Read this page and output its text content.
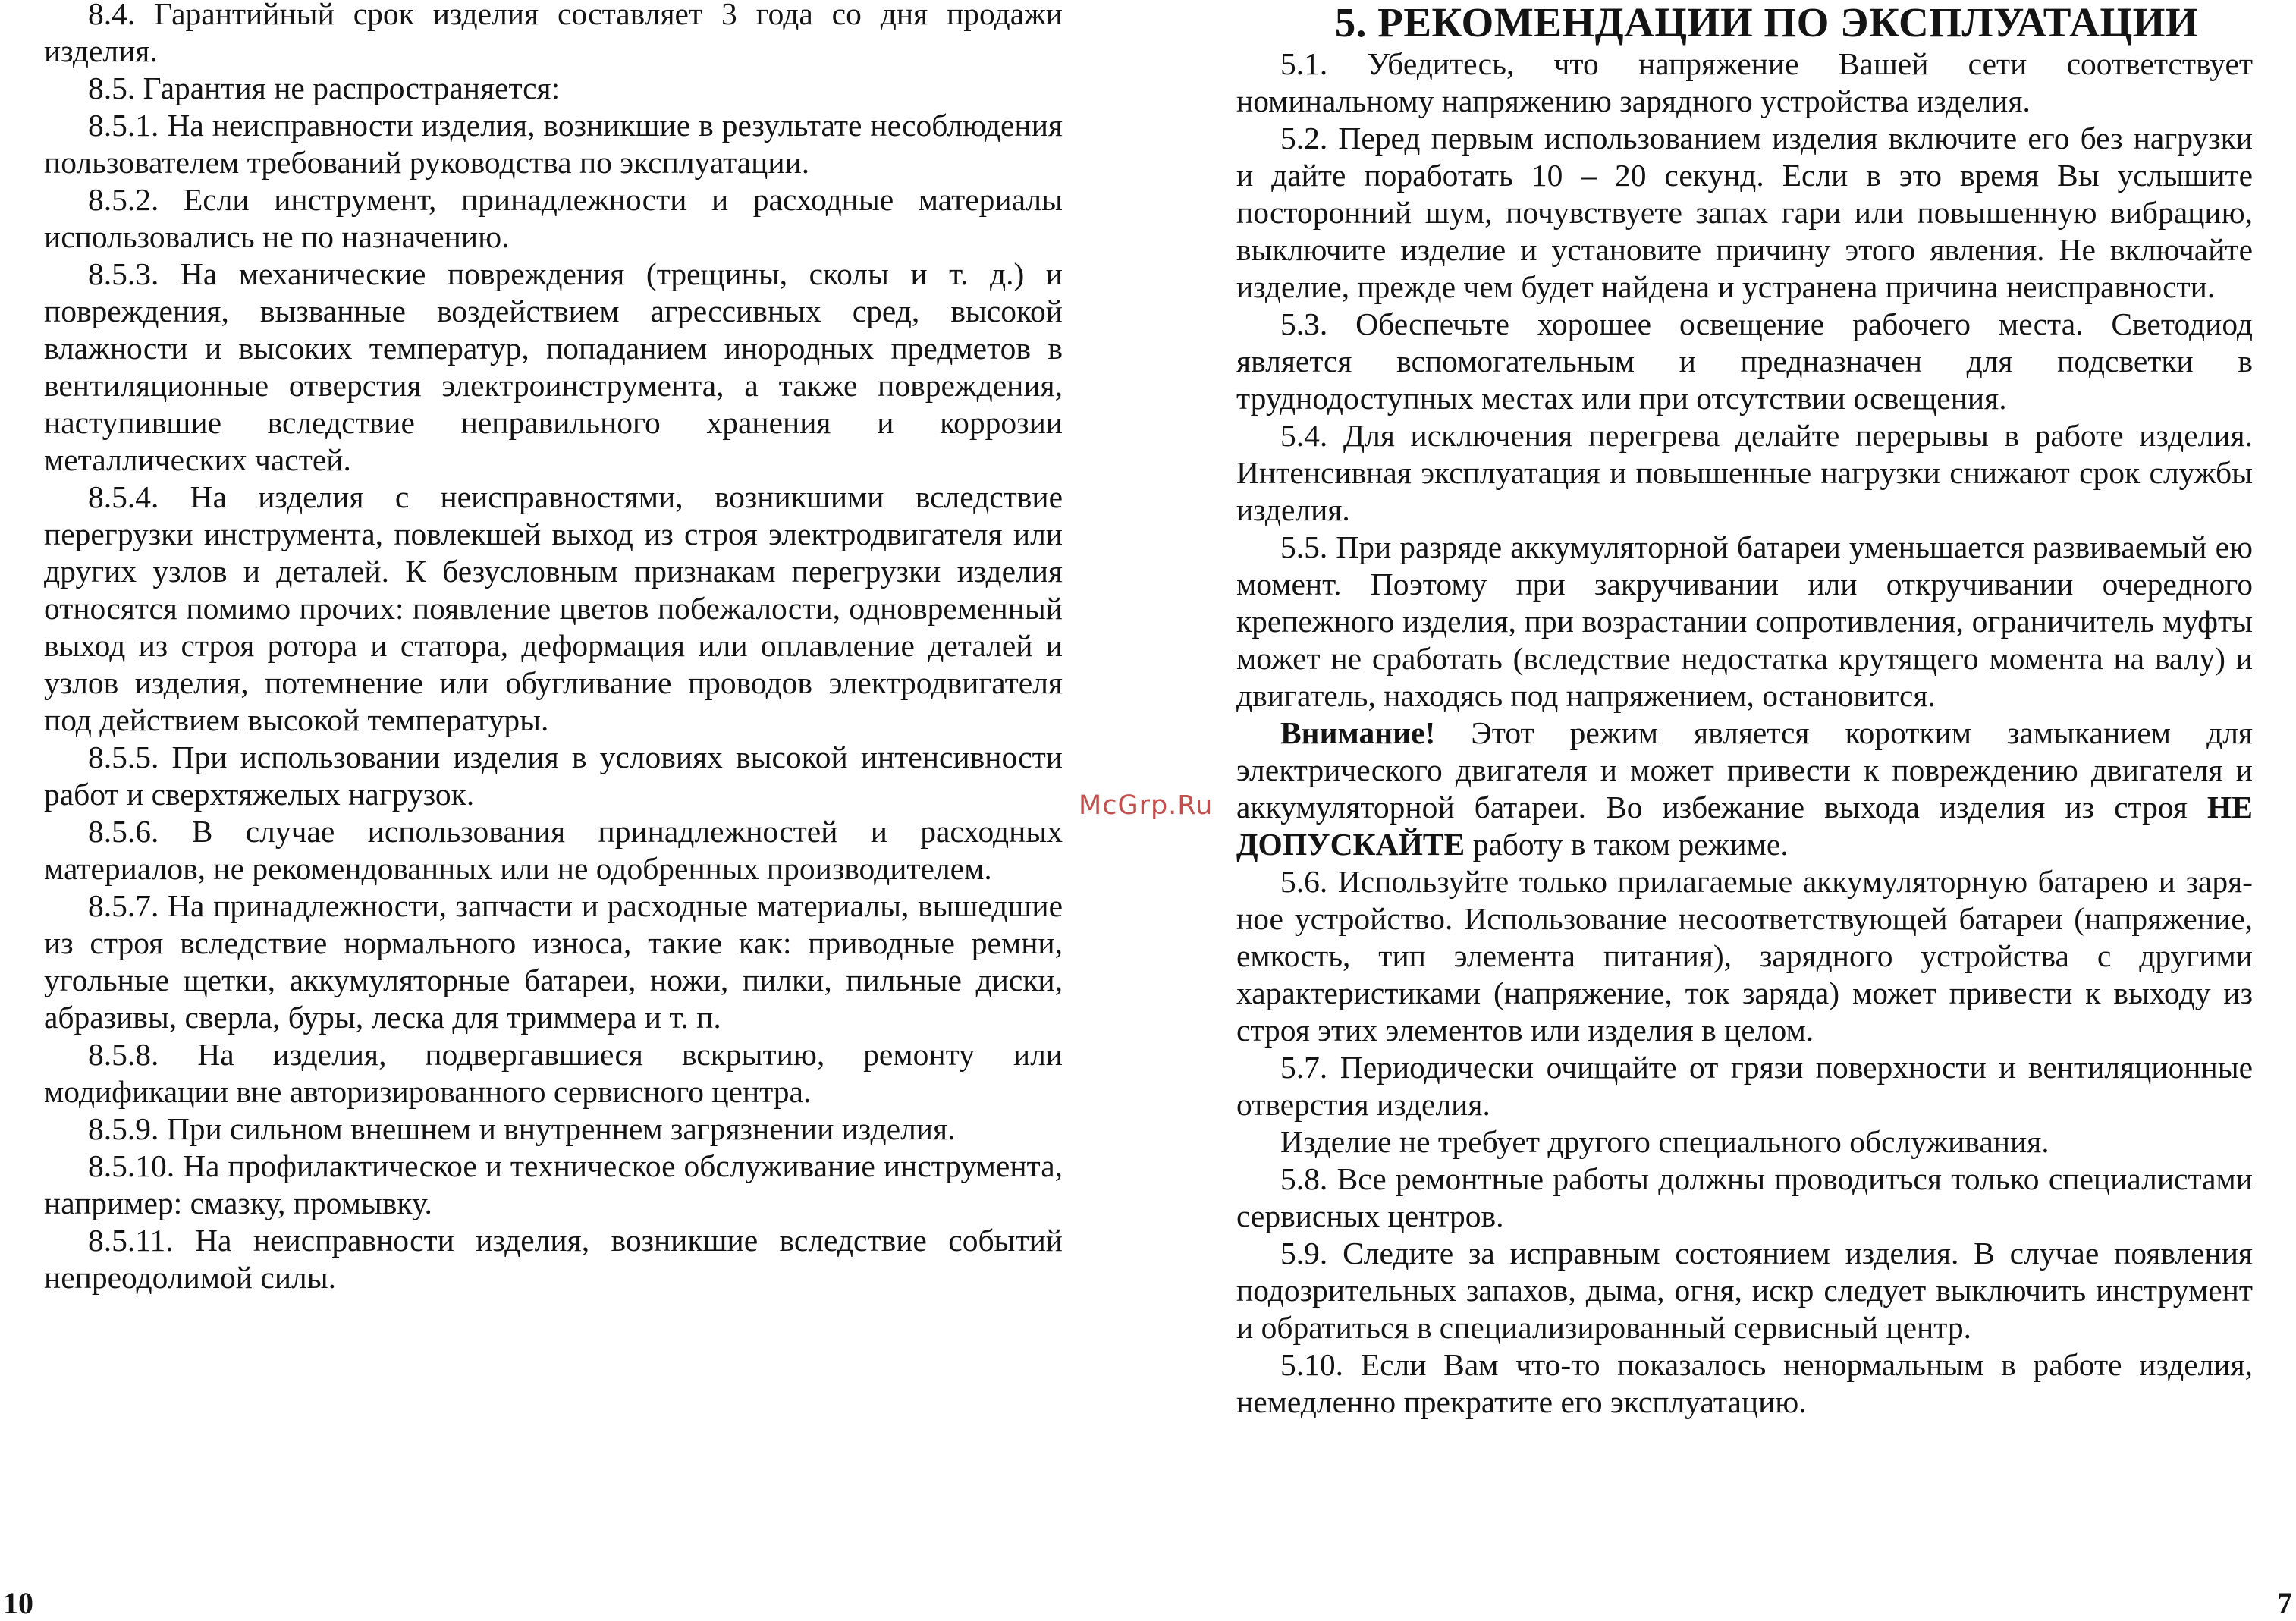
8.4. Гарантийный срок изделия составляет 3 года со дня продажи изделия.

8.5. Гарантия не распространяется:

8.5.1. На неисправности изделия, возникшие в результате несоблюдения пользователем требований руководства по эксплуатации.

8.5.2. Если инструмент, принадлежности и расходные материалы использовались не по назначению.

8.5.3. На механические повреждения (трещины, сколы и т. д.) и повреждения, вызванные воздействием агрессивных сред, высокой влажности и высоких температур, попаданием инородных предметов в вентиляционные отверстия электроинструмента, а также повреждения, наступившие вследствие неправильного хранения и коррозии металлических частей.

8.5.4. На изделия с неисправностями, возникшими вследствие перегрузки инструмента, повлекшей выход из строя электродвигателя или других узлов и деталей. К безусловным признакам перегрузки изделия относятся помимо прочих: появление цветов побежалости, одновременный выход из строя ротора и статора, деформация или оплавление деталей и узлов изделия, потемнение или обугливание проводов электродвигателя под действием высокой температуры.

8.5.5. При использовании изделия в условиях высокой интенсивности работ и сверхтяжелых нагрузок.

8.5.6. В случае использования принадлежностей и расходных материалов, не рекомендованных или не одобренных производителем.

8.5.7. На принадлежности, запчасти и расходные материалы, вышедшие из строя вследствие нормального износа, такие как: приводные ремни, угольные щетки, аккумуляторные батареи, ножи, пилки, пильные диски, абразивы, сверла, буры, леска для триммера и т. п.

8.5.8. На изделия, подвергавшиеся вскрытию, ремонту или модификации вне авторизированного сервисного центра.

8.5.9. При сильном внешнем и внутреннем загрязнении изделия.

8.5.10. На профилактическое и техническое обслуживание инструмента, например: смазку, промывку.

8.5.11. На неисправности изделия, возникшие вследствие событий непреодолимой силы.

5. РЕКОМЕНДАЦИИ ПО ЭКСПЛУАТАЦИИ

5.1. Убедитесь, что напряжение Вашей сети соответствует номинальному напряжению зарядного устройства изделия.

5.2. Перед первым использованием изделия включите его без нагрузки и дайте поработать 10 – 20 секунд. Если в это время Вы услышите посторонний шум, почувствуете запах гари или повышенную вибрацию, выключите изделие и установите причину этого явления. Не включайте изделие, прежде чем будет найдена и устранена причина неисправности.

5.3. Обеспечьте хорошее освещение рабочего места. Светодиод является вспомогательным и предназначен для подсветки в труднодоступных местах или при отсутствии освещения.

5.4. Для исключения перегрева делайте перерывы в работе изделия. Интенсивная эксплуатация и повышенные нагрузки снижают срок службы изделия.

5.5. При разряде аккумуляторной батареи уменьшается развиваемый ею момент. Поэтому при закручивании или откручивании очередного крепежного изделия, при возрастании сопротивления, ограничитель муфты может не сработать (вследствие недостатка крутящего момента на валу) и двигатель, находясь под напряжением, остановится.

Внимание! Этот режим является коротким замыканием для электрического двигателя и может привести к повреждению двигателя и аккумуляторной батареи. Во избежание выхода изделия из строя НЕ ДОПУСКАЙТЕ работу в таком режиме.

5.6. Используйте только прилагаемые аккумуляторную батарею и заря-ное устройство. Использование несоответствующей батареи (напряжение, емкость, тип элемента питания), зарядного устройства с другими характеристиками (напряжение, ток заряда) может привести к выходу из строя этих элементов или изделия в целом.

5.7. Периодически очищайте от грязи поверхности и вентиляционные отверстия изделия.

Изделие не требует другого специального обслуживания.

5.8. Все ремонтные работы должны проводиться только специалистами сервисных центров.

5.9. Следите за исправным состоянием изделия. В случае появления подозрительных запахов, дыма, огня, искр следует выключить инструмент и обратиться в специализированный сервисный центр.

5.10. Если Вам что-то показалось ненормальным в работе изделия, немедленно прекратите его эксплуатацию.

McGrp.Ru
10	7
